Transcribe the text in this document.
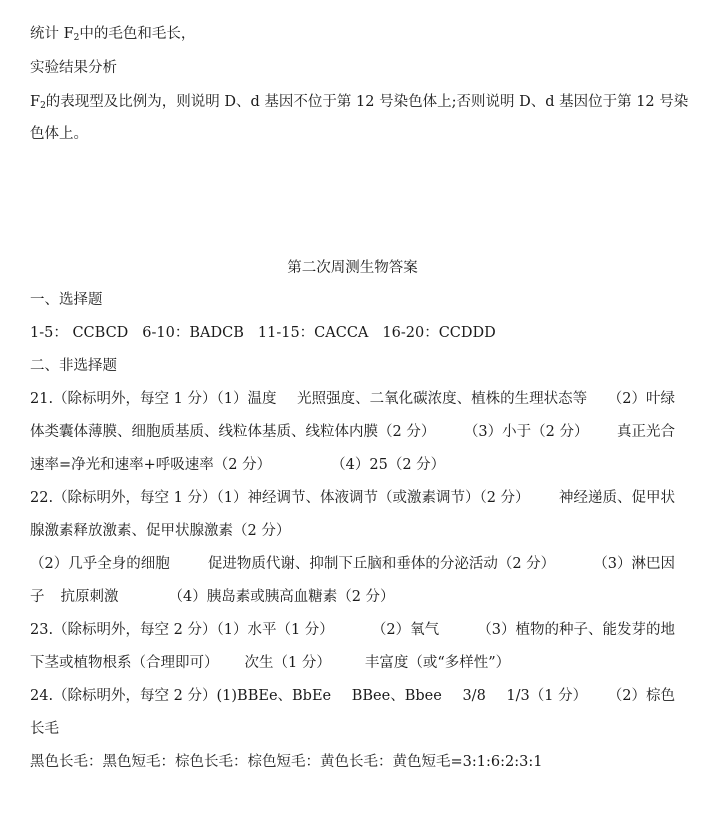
统计 $F_2$中的毛色和毛长，
实验结果分析
$F_2$的表现型及比例为，则说明 D、d 基因不位于第 12 号染色体上;否则说明 D、d 基因位于第 12 号染
色体上。
第二次周测生物答案
一、选择题
1-5： CCBCD 6-10：BADCB 11-15：CACCA 16-20：CCDDD
二、非选择题
21.（除标明外，每空 1 分）（1）温度 光照强度、二氧化碳浓度、植株的生理状态等 （2）叶绿
体类囊体薄膜、细胞质基质、线粒体基质、线粒体内膜（2 分） （3）小于（2 分） 真正光合
速率=净光和速率+呼吸速率（2 分）	（4）25（2 分）
22.（除标明外，每空 1 分）（1）神经调节、体液调节（或激素调节）（2 分） 神经递质、促甲状
腺激素释放激素、促甲状腺激素（2 分）
（2）几乎全身的细胞	促进物质代谢、抑制下丘脑和垂体的分泌活动（2 分）	（3）淋巴因
子 抗原刺激	（4）胰岛素或胰高血糖素（2 分）
23.（除标明外，每空 2 分）（1）水平（1 分）	（2）氧气	（3）植物的种子、能发芽的地
下茎或植物根系（合理即可） 次生（1 分） 丰富度（或“多样性”）
24.（除标明外，每空 2 分）(1)BBEe、BbEe BBee、Bbee 3/8 1/3（1 分） （2）棕色
长毛
黑色长毛：黑色短毛：棕色长毛：棕色短毛：黄色长毛：黄色短毛=3:1:6:2:3:1
